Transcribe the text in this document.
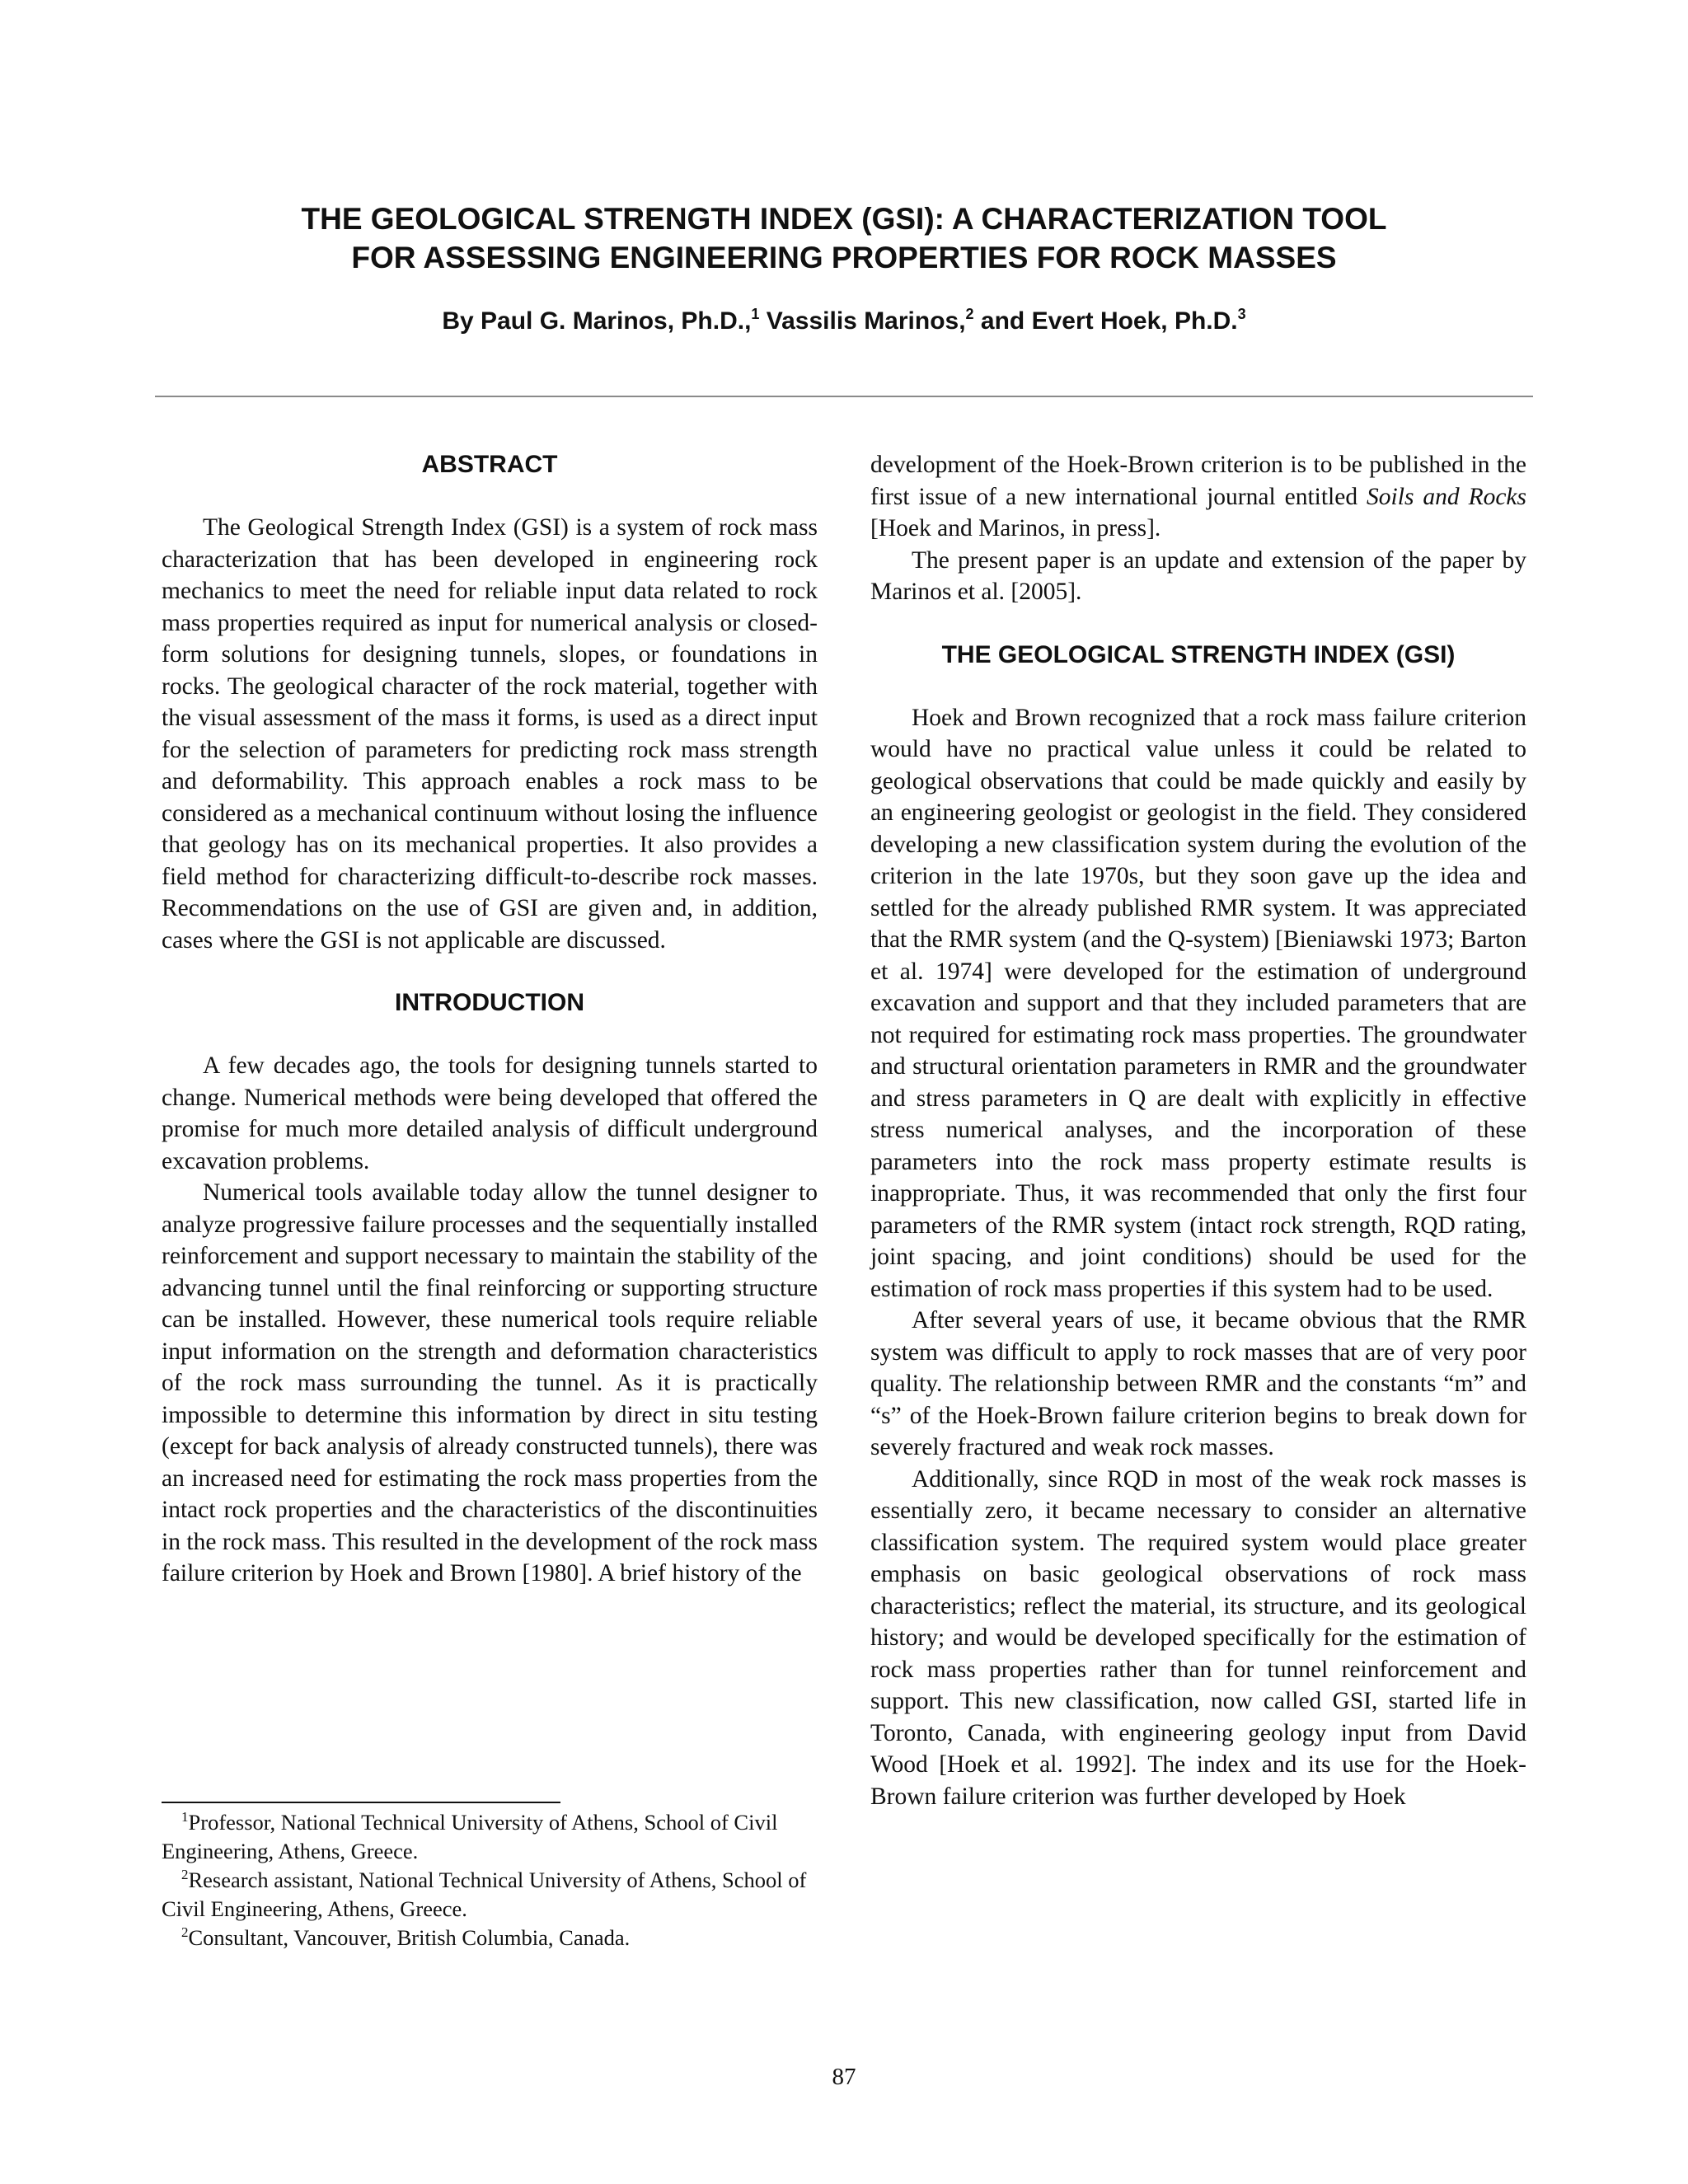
THE GEOLOGICAL STRENGTH INDEX (GSI): A CHARACTERIZATION TOOL
FOR ASSESSING ENGINEERING PROPERTIES FOR ROCK MASSES

By Paul G. Marinos, Ph.D.,$^1$ Vassilis Marinos,$^2$ and Evert Hoek, Ph.D.$^3$

ABSTRACT

The Geological Strength Index (GSI) is a system of rock mass characterization that has been developed in engineering rock mechanics to meet the need for reliable input data related to rock mass properties required as input for numerical analysis or closed-form solutions for designing tunnels, slopes, or foundations in rocks. The geological character of the rock material, together with the visual assessment of the mass it forms, is used as a direct input for the selection of parameters for predicting rock mass strength and deformability. This approach enables a rock mass to be considered as a mechanical continuum without losing the influence that geology has on its mechanical properties. It also provides a field method for characterizing difficult-to-describe rock masses. Recommendations on the use of GSI are given and, in addition, cases where the GSI is not applicable are discussed.

INTRODUCTION

A few decades ago, the tools for designing tunnels started to change. Numerical methods were being developed that offered the promise for much more detailed analysis of difficult underground excavation problems.

Numerical tools available today allow the tunnel designer to analyze progressive failure processes and the sequentially installed reinforcement and support necessary to maintain the stability of the advancing tunnel until the final reinforcing or supporting structure can be installed. However, these numerical tools require reliable input information on the strength and deformation characteristics of the rock mass surrounding the tunnel. As it is practically impossible to determine this information by direct in situ testing (except for back analysis of already constructed tunnels), there was an increased need for estimating the rock mass properties from the intact rock properties and the characteristics of the discontinuities in the rock mass. This resulted in the development of the rock mass failure criterion by Hoek and Brown [1980]. A brief history of the

development of the Hoek-Brown criterion is to be published in the first issue of a new international journal entitled Soils and Rocks [Hoek and Marinos, in press].

The present paper is an update and extension of the paper by Marinos et al. [2005].

THE GEOLOGICAL STRENGTH INDEX (GSI)

Hoek and Brown recognized that a rock mass failure criterion would have no practical value unless it could be related to geological observations that could be made quickly and easily by an engineering geologist or geologist in the field. They considered developing a new classification system during the evolution of the criterion in the late 1970s, but they soon gave up the idea and settled for the already published RMR system. It was appreciated that the RMR system (and the Q-system) [Bieniawski 1973; Barton et al. 1974] were developed for the estimation of underground excavation and support and that they included parameters that are not required for estimating rock mass properties. The groundwater and structural orientation parameters in RMR and the groundwater and stress parameters in Q are dealt with explicitly in effective stress numerical analyses, and the incorporation of these parameters into the rock mass property estimate results is inappropriate. Thus, it was recommended that only the first four parameters of the RMR system (intact rock strength, RQD rating, joint spacing, and joint conditions) should be used for the estimation of rock mass properties if this system had to be used.

After several years of use, it became obvious that the RMR system was difficult to apply to rock masses that are of very poor quality. The relationship between RMR and the constants “m” and “s” of the Hoek-Brown failure criterion begins to break down for severely fractured and weak rock masses.

Additionally, since RQD in most of the weak rock masses is essentially zero, it became necessary to consider an alternative classification system. The required system would place greater emphasis on basic geological observations of rock mass characteristics; reflect the material, its structure, and its geological history; and would be developed specifically for the estimation of rock mass properties rather than for tunnel reinforcement and support. This new classification, now called GSI, started life in Toronto, Canada, with engineering geology input from David Wood [Hoek et al. 1992]. The index and its use for the Hoek-Brown failure criterion was further developed by Hoek

$^1$Professor, National Technical University of Athens, School of Civil Engineering, Athens, Greece.

$^2$Research assistant, National Technical University of Athens, School of Civil Engineering, Athens, Greece.

$^2$Consultant, Vancouver, British Columbia, Canada.

87
